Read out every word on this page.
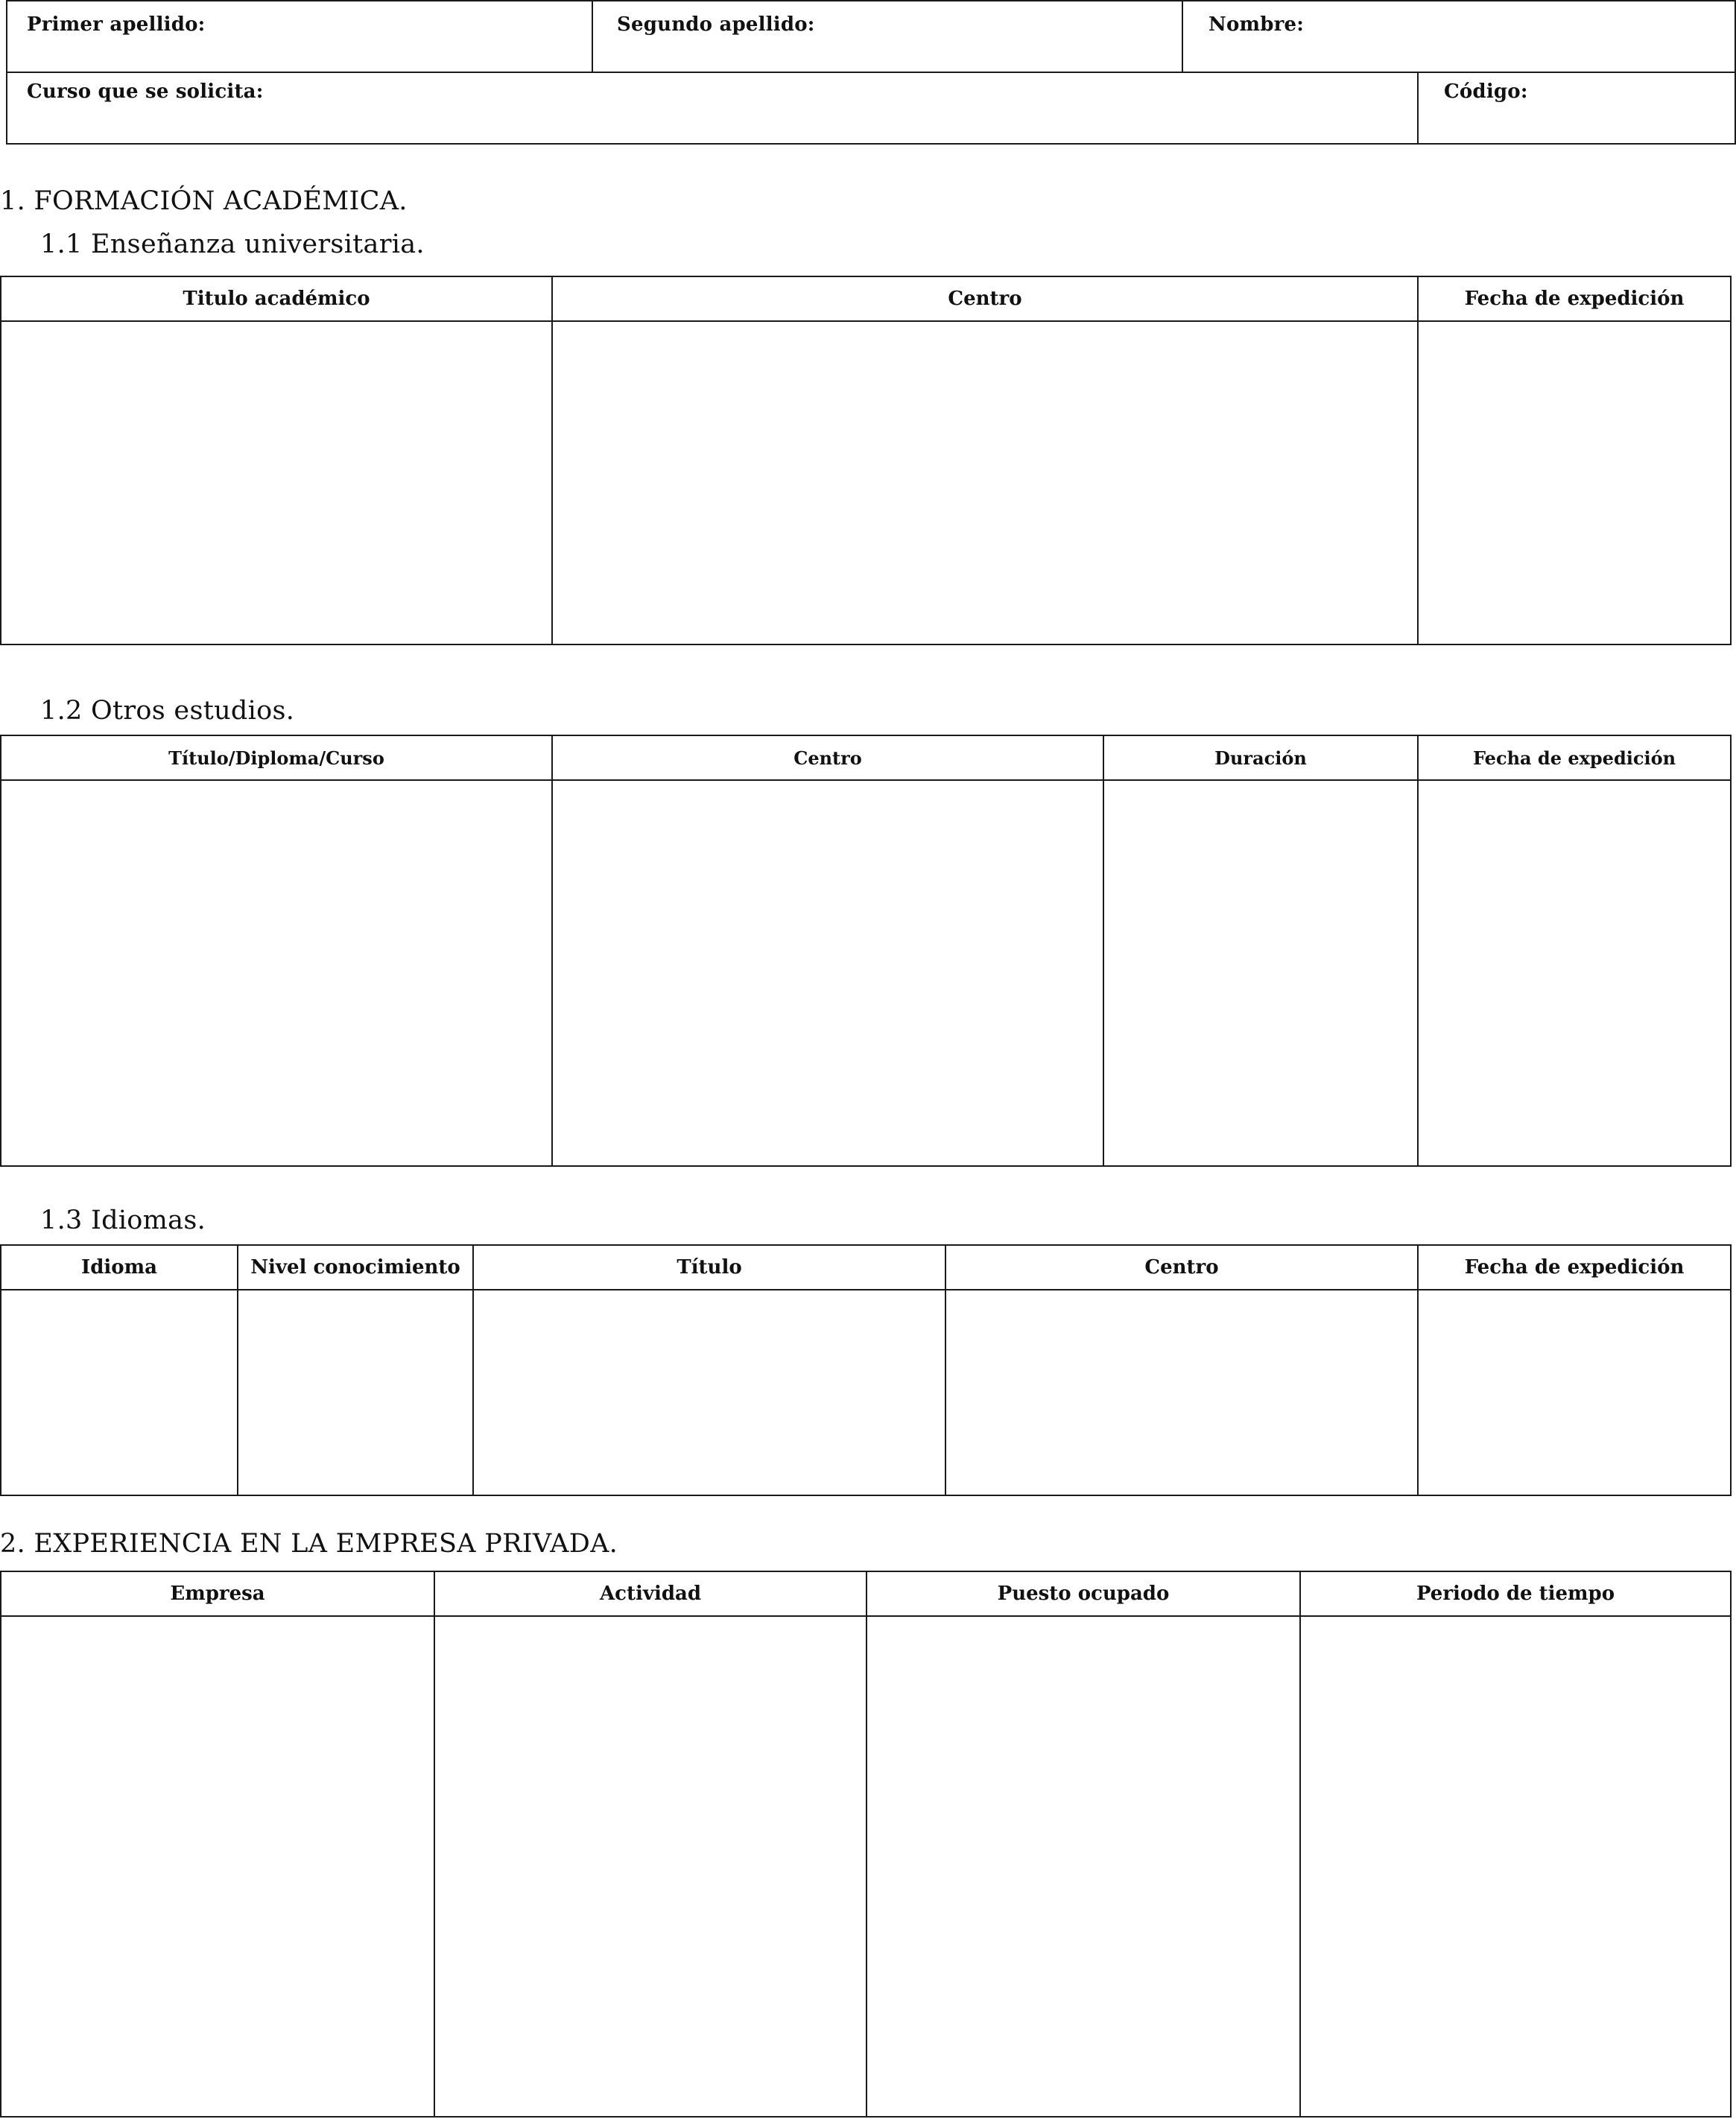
Primer apellido:	Segundo apellido:	Nombre:
Curso que se solicita:	Código:
1. FORMACIÓN ACADÉMICA.
1.1 Enseñanza universitaria.
Titulo académico	Centro	Fecha de expedición
1.2 Otros estudios.
Título/Diploma/Curso	Centro	Duración	Fecha de expedición
1.3 Idiomas.
Idioma	Nivel conocimiento	Título	Centro	Fecha de expedición
2. EXPERIENCIA EN LA EMPRESA PRIVADA.
Empresa	Actividad	Puesto ocupado	Periodo de tiempo
